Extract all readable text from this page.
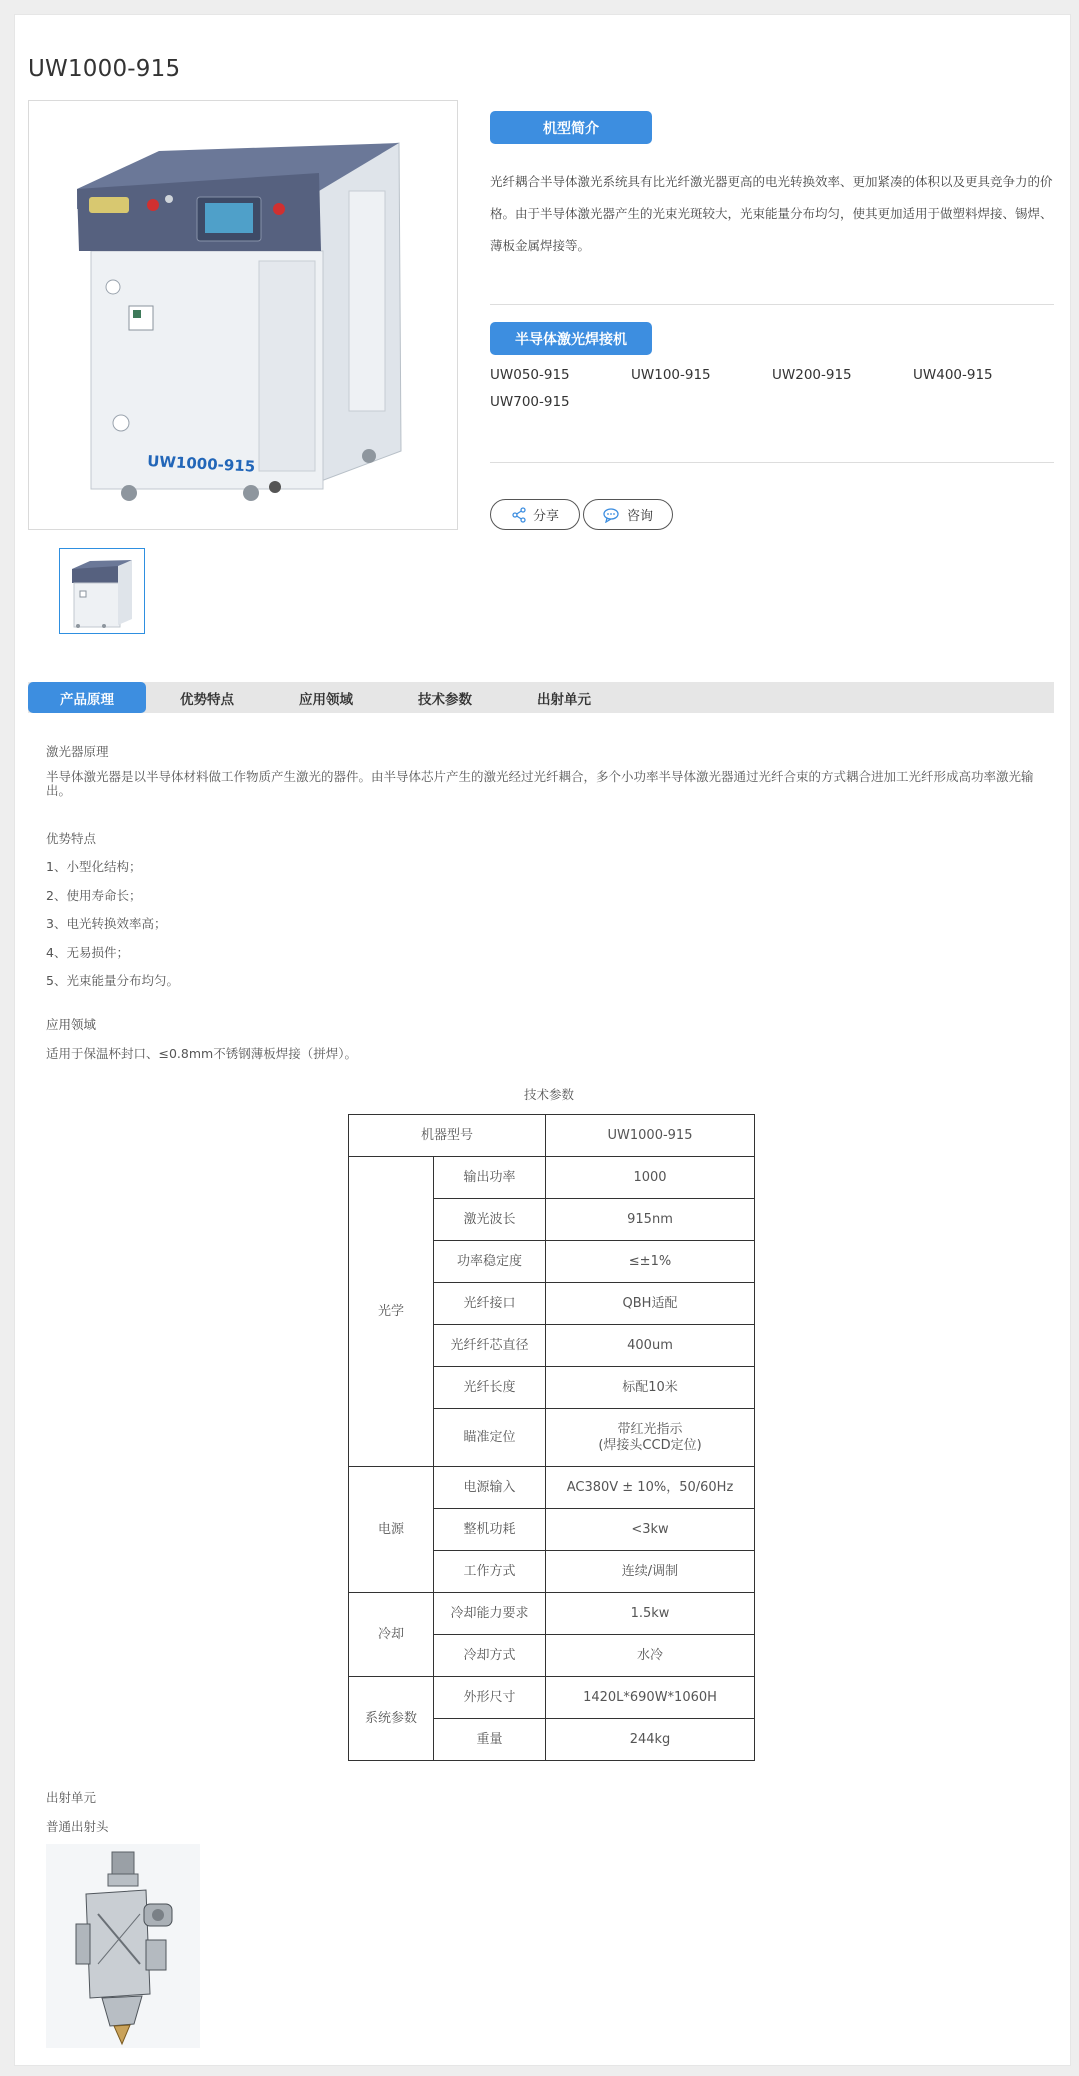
UW1000-915
UW1000-915
机型简介
光纤耦合半导体激光系统具有比光纤激光器更高的电光转换效率、更加紧凑的体积以及更具竞争力的价格。由于半导体激光器产生的光束光斑较大，光束能量分布均匀，使其更加适用于做塑料焊接、锡焊、薄板金属焊接等。
半导体激光焊接机
UW050-915	UW100-915	UW200-915	UW400-915
UW700-915
分享	咨询
产品原理	优势特点	应用领域	技术参数	出射单元
激光器原理
半导体激光器是以半导体材料做工作物质产生激光的器件。由半导体芯片产生的激光经过光纤耦合，多个小功率半导体激光器通过光纤合束的方式耦合进加工光纤形成高功率激光输出。
优势特点
1、小型化结构；
2、使用寿命长；
3、电光转换效率高；
4、无易损件；
5、光束能量分布均匀。
应用领域
适用于保温杯封口、≤0.8mm不锈钢薄板焊接（拼焊）。
技术参数
机器型号		UW1000-915
光学	输出功率	1000
	激光波长	915nm
	功率稳定度	≤±1%
	光纤接口	QBH适配
	光纤纤芯直径	400um
	光纤长度	标配10米
	瞄准定位	带红光指示
(焊接头CCD定位)

电源	电源输入	AC380V ± 10%，50/60Hz
	整机功耗	<3kw
	工作方式	连续/调制
冷却	冷却能力要求	1.5kw
	冷却方式	水冷
系统参数	外形尺寸	1420L*690W*1060H
	重量	244kg
出射单元
普通出射头
